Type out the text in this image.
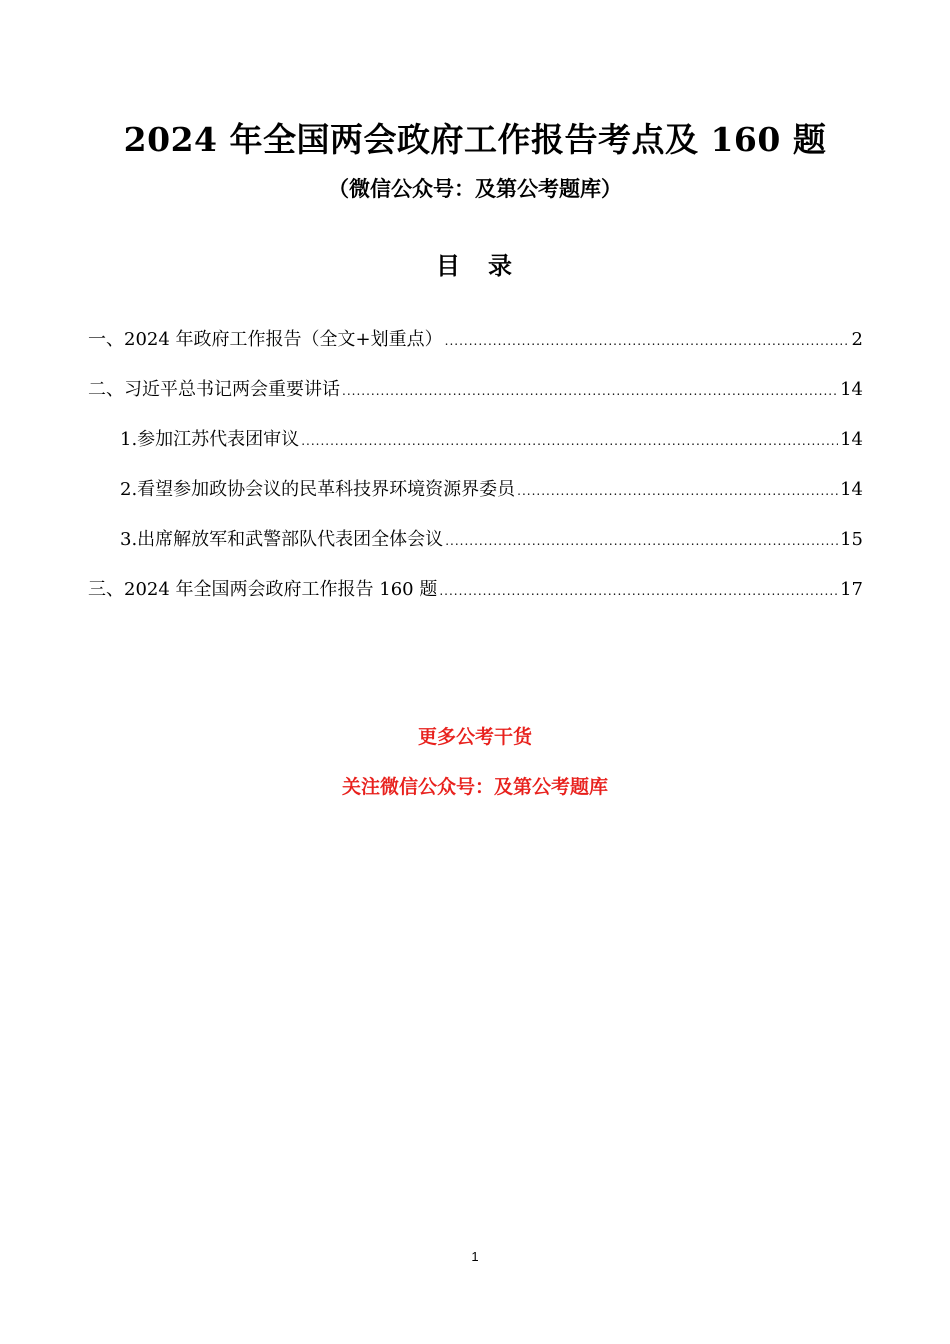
2024 年全国两会政府工作报告考点及 160 题
（微信公众号：及第公考题库）
目 录
一、2024 年政府工作报告（全文+划重点） .....	2
二、习近平总书记两会重要讲话 .....	14
1.参加江苏代表团审议 .....	14
2.看望参加政协会议的民革科技界环境资源界委员 .....	14
3.出席解放军和武警部队代表团全体会议 .....	15
三、2024 年全国两会政府工作报告 160 题 .....	17
更多公考干货
关注微信公众号：及第公考题库
1
